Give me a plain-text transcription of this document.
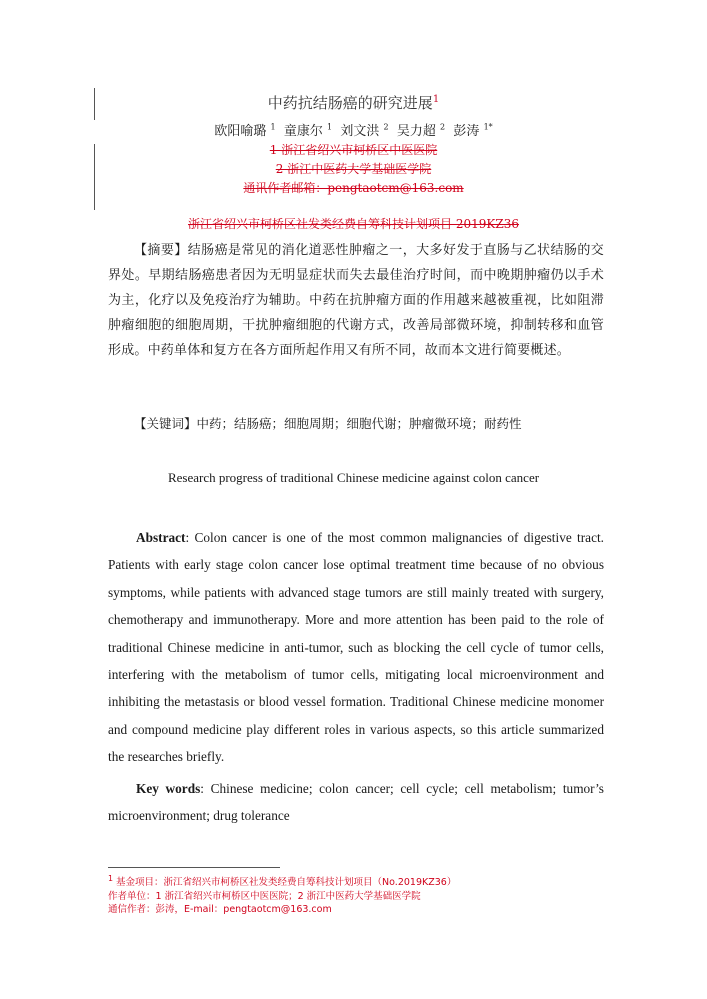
中药抗结肠癌的研究进展$^1$
欧阳喻璐 $^1$ 童康尔 $^1$ 刘文洪 $^2$ 吴力超 $^2$ 彭涛 $^{1*}$
1 浙江省绍兴市柯桥区中医医院
2 浙江中医药大学基础医学院
通讯作者邮箱：pengtaotcm@163.com
浙江省绍兴市柯桥区社发类经费自筹科技计划项目 2019KZ36

【摘要】结肠癌是常见的消化道恶性肿瘤之一，大多好发于直肠与乙状结肠的交界处。早期结肠癌患者因为无明显症状而失去最佳治疗时间，而中晚期肿瘤仍以手术为主，化疗以及免疫治疗为辅助。中药在抗肿瘤方面的作用越来越被重视，比如阻滞肿瘤细胞的细胞周期，干扰肿瘤细胞的代谢方式，改善局部微环境，抑制转移和血管形成。中药单体和复方在各方面所起作用又有所不同，故而本文进行简要概述。

【关键词】中药；结肠癌；细胞周期；细胞代谢；肿瘤微环境；耐药性
Research progress of traditional Chinese medicine against colon cancer

Abstract: Colon cancer is one of the most common malignancies of digestive tract. Patients with early stage colon cancer lose optimal treatment time because of no obvious symptoms, while patients with advanced stage tumors are still mainly treated with surgery, chemotherapy and immunotherapy. More and more attention has been paid to the role of traditional Chinese medicine in anti-tumor, such as blocking the cell cycle of tumor cells, interfering with the metabolism of tumor cells, mitigating local microenvironment and inhibiting the metastasis or blood vessel formation. Traditional Chinese medicine monomer and compound medicine play different roles in various aspects, so this article summarized the researches briefly.

Key words: Chinese medicine; colon cancer; cell cycle; cell metabolism; tumor’s microenvironment; drug tolerance

$^1$ 基金项目：浙江省绍兴市柯桥区社发类经费自筹科技计划项目（No.2019KZ36）
作者单位：1 浙江省绍兴市柯桥区中医医院；2 浙江中医药大学基础医学院
通信作者：彭涛，E-mail：pengtaotcm@163.com
